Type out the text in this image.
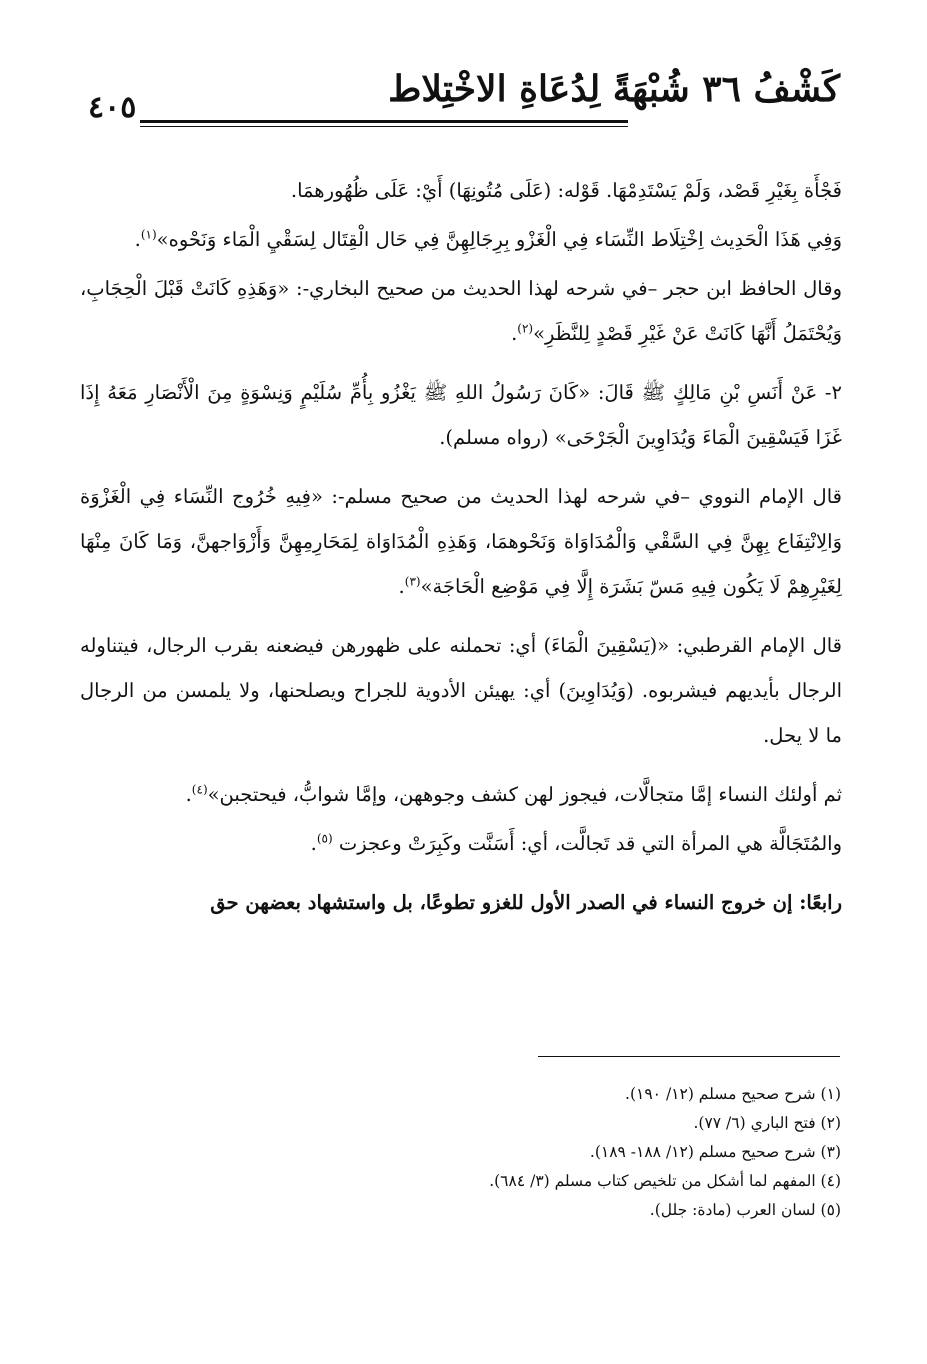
٤٠٥	كَشْفُ ٣٦ شُبْهَةً لِدُعَاةِ الاخْتِلاط

فَجْأَة بِغَيْرِ قَصْد، وَلَمْ يَسْتَدِمْهَا. قَوْله: (عَلَى مُتُونِهَا) أَيْ: عَلَى ظُهُورهمَا.

وَفِي هَذَا الْحَدِيث اِخْتِلَاط النِّسَاء فِي الْغَزْو بِرِجَالِهِنَّ فِي حَال الْقِتَال لِسَقْيِ الْمَاء وَنَحْوه»$^{(١)}$.

وقال الحافظ ابن حجر –في شرحه لهذا الحديث من صحيح البخاري-: «وَهَذِهِ كَانَتْ قَبْلَ الْحِجَابِ، وَيُحْتَمَلُ أَنَّهَا كَانَتْ عَنْ غَيْرِ قَصْدٍ لِلنَّظَرِ»$^{(٢)}$.

٢- عَنْ أَنَسِ بْنِ مَالِكٍ ﷺ قَالَ: «كَانَ رَسُولُ اللهِ ﷺ يَغْزُو بِأُمِّ سُلَيْمٍ وَنِسْوَةٍ مِنَ الْأَنْصَارِ مَعَهُ إِذَا غَزَا فَيَسْقِينَ الْمَاءَ وَيُدَاوِينَ الْجَرْحَى» (رواه مسلم).

قال الإمام النووي –في شرحه لهذا الحديث من صحيح مسلم-: «فِيهِ خُرُوج النِّسَاء فِي الْغَزْوَة وَالِانْتِفَاع بِهِنَّ فِي السَّقْي وَالْمُدَاوَاة وَنَحْوهمَا، وَهَذِهِ الْمُدَاوَاة لِمَحَارِمِهِنَّ وَأَزْوَاجهنَّ، وَمَا كَانَ مِنْهَا لِغَيْرِهِمْ لَا يَكُون فِيهِ مَسّ بَشَرَة إِلَّا فِي مَوْضِع الْحَاجَة»$^{(٣)}$.

قال الإمام القرطبي: «(يَسْقِينَ الْمَاءَ) أي: تحملنه على ظهورهن فيضعنه بقرب الرجال، فيتناوله الرجال بأيديهم فيشربوه. (وَيُدَاوِينَ) أي: يهيئن الأدوية للجراح ويصلحنها، ولا يلمسن من الرجال ما لا يحل.

ثم أولئك النساء إمَّا متجالَّات، فيجوز لهن كشف وجوههن، وإمَّا شوابُّ، فيحتجبن»$^{(٤)}$.

والمُتَجَالَّة هي المرأة التي قد تَجالَّت، أي: أَسَنَّت وكَبِرَتْ وعجزت $^{(٥)}$.

رابعًا: إن خروج النساء في الصدر الأول للغزو تطوعًا، بل واستشهاد بعضهن حق

(١) شرح صحيح مسلم (١٢/ ١٩٠).

(٢) فتح الباري (٦/ ٧٧).

(٣) شرح صحيح مسلم (١٢/ ١٨٨- ١٨٩).

(٤) المفهم لما أشكل من تلخيص كتاب مسلم (٣/ ٦٨٤).

(٥) لسان العرب (مادة: جلل).
